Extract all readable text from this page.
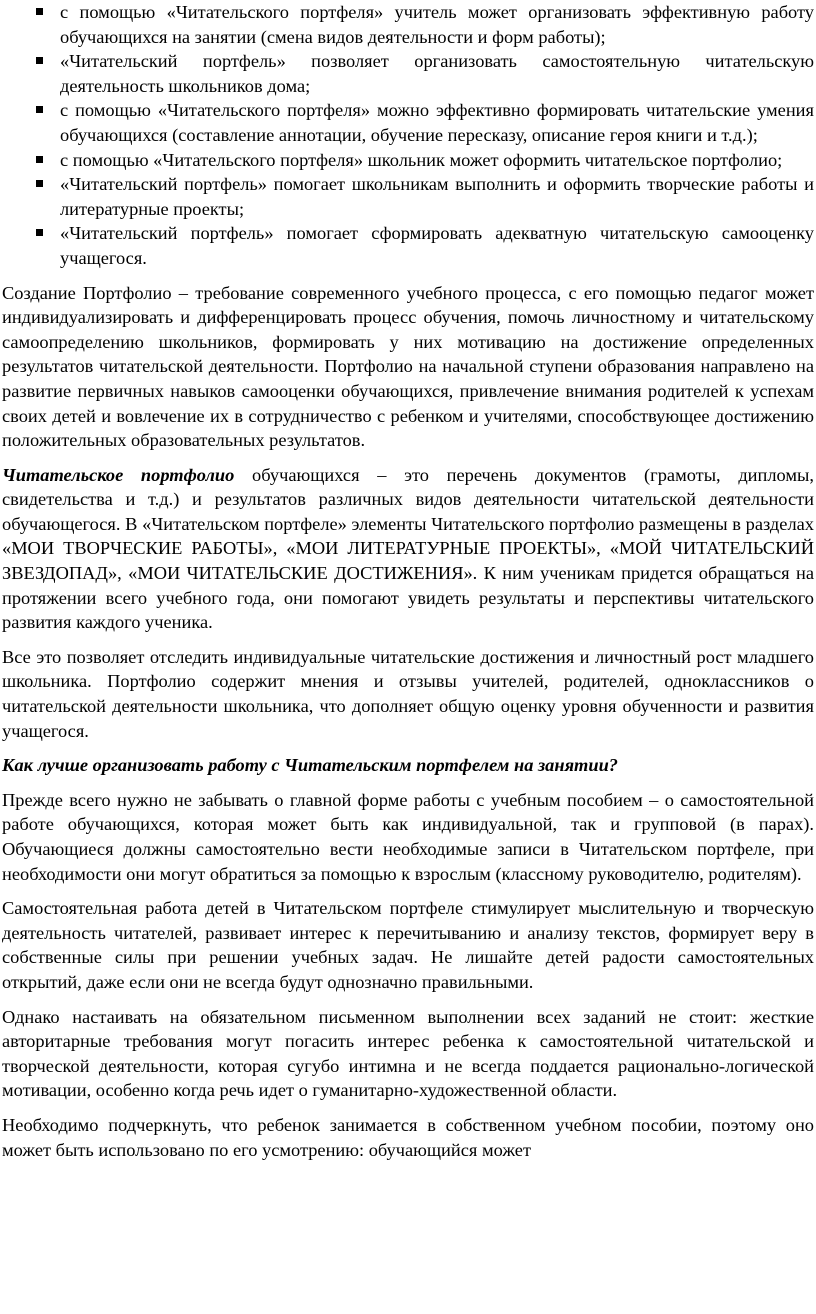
с помощью «Читательского портфеля» учитель может организовать эффективную работу обучающихся на занятии (смена видов деятельности и форм работы);
«Читательский портфель» позволяет организовать самостоятельную читательскую деятельность школьников дома;
с помощью «Читательского портфеля» можно эффективно формировать читательские умения обучающихся (составление аннотации, обучение пересказу, описание героя книги и т.д.);
с помощью «Читательского портфеля» школьник может оформить читательское портфолио;
«Читательский портфель» помогает школьникам выполнить и оформить творческие работы и литературные проекты;
«Читательский портфель» помогает сформировать адекватную читательскую самооценку учащегося.

Создание Портфолио – требование современного учебного процесса, с его помощью педагог может индивидуализировать и дифференцировать процесс обучения, помочь личностному и читательскому самоопределению школьников, формировать у них мотивацию на достижение определенных результатов читательской деятельности. Портфолио на начальной ступени образования направлено на развитие первичных навыков самооценки обучающихся, привлечение внимания родителей к успехам своих детей и вовлечение их в сотрудничество с ребенком и учителями, способствующее достижению положительных образовательных результатов.

Читательское портфолио обучающихся – это перечень документов (грамоты, дипломы, свидетельства и т.д.) и результатов различных видов деятельности читательской деятельности обучающегося. В «Читательском портфеле» элементы Читательского портфолио размещены в разделах «МОИ ТВОРЧЕСКИЕ РАБОТЫ», «МОИ ЛИТЕРАТУРНЫЕ ПРОЕКТЫ», «МОЙ ЧИТАТЕЛЬСКИЙ ЗВЕЗДОПАД», «МОИ ЧИТАТЕЛЬСКИЕ ДОСТИЖЕНИЯ». К ним ученикам придется обращаться на протяжении всего учебного года, они помогают увидеть результаты и перспективы читательского развития каждого ученика.

Все это позволяет отследить индивидуальные читательские достижения и личностный рост младшего школьника. Портфолио содержит мнения и отзывы учителей, родителей, одноклассников о читательской деятельности школьника, что дополняет общую оценку уровня обученности и развития учащегося.

Как лучше организовать работу с Читательским портфелем на занятии?

Прежде всего нужно не забывать о главной форме работы с учебным пособием – о самостоятельной работе обучающихся, которая может быть как индивидуальной, так и групповой (в парах). Обучающиеся должны самостоятельно вести необходимые записи в Читательском портфеле, при необходимости они могут обратиться за помощью к взрослым (классному руководителю, родителям).

Самостоятельная работа детей в Читательском портфеле стимулирует мыслительную и творческую деятельность читателей, развивает интерес к перечитыванию и анализу текстов, формирует веру в собственные силы при решении учебных задач. Не лишайте детей радости самостоятельных открытий, даже если они не всегда будут однозначно правильными.

Однако настаивать на обязательном письменном выполнении всех заданий не стоит: жесткие авторитарные требования могут погасить интерес ребенка к самостоятельной читательской и творческой деятельности, которая сугубо интимна и не всегда поддается рационально-логической мотивации, особенно когда речь идет о гуманитарно-художественной области.

Необходимо подчеркнуть, что ребенок занимается в собственном учебном пособии, поэтому оно может быть использовано по его усмотрению: обучающийся может
